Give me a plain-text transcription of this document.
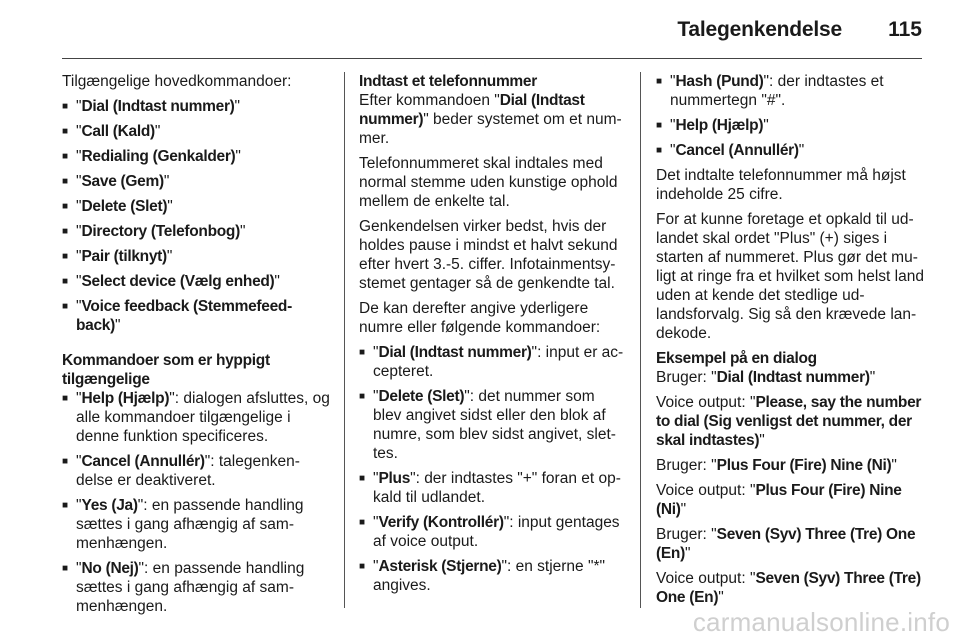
Talegenkendelse 115
Tilgængelige hovedkommandoer:
■ "Dial (Indtast nummer)"
■ "Call (Kald)"
■ "Redialing (Genkalder)"
■ "Save (Gem)"
■ "Delete (Slet)"
■ "Directory (Telefonbog)"
■ "Pair (tilknyt)"
■ "Select device (Vælg enhed)"
■ "Voice feedback (Stemmefeed-back)"
Kommandoer som er hyppigt tilgængelige
■ "Help (Hjælp)": dialogen afsluttes, og alle kommandoer tilgængelige i denne funktion specificeres.
■ "Cancel (Annullér)": talegenken-delse er deaktiveret.
■ "Yes (Ja)": en passende handling sættes i gang afhængig af sam-menhængen.
■ "No (Nej)": en passende handling sættes i gang afhængig af sam-menhængen.
Indtast et telefonnummer
Efter kommandoen "Dial (Indtast nummer)" beder systemet om et num-mer.
Telefonnummeret skal indtales med normal stemme uden kunstige ophold mellem de enkelte tal.
Genkendelsen virker bedst, hvis der holdes pause i mindst et halvt sekund efter hvert 3.-5. ciffer. Infotainmentsy-stemet gentager så de genkendte tal.
De kan derefter angive yderligere numre eller følgende kommandoer:
■ "Dial (Indtast nummer)": input er ac-cepteret.
■ "Delete (Slet)": det nummer som blev angivet sidst eller den blok af numre, som blev sidst angivet, slet-tes.
■ "Plus": der indtastes "+" foran et op-kald til udlandet.
■ "Verify (Kontrollér)": input gentages af voice output.
■ "Asterisk (Stjerne)": en stjerne "*" angives.
■ "Hash (Pund)": der indtastes et nummertegn "#".
■ "Help (Hjælp)"
■ "Cancel (Annullér)"
Det indtalte telefonnummer må højst indeholde 25 cifre.
For at kunne foretage et opkald til ud-landet skal ordet "Plus" (+) siges i starten af nummeret. Plus gør det mu-ligt at ringe fra et hvilket som helst land uden at kende det stedlige ud-landsforvalg. Sig så den krævede lan-dekode.
Eksempel på en dialog
Bruger: "Dial (Indtast nummer)"
Voice output: "Please, say the number to dial (Sig venligst det nummer, der skal indtastes)"
Bruger: "Plus Four (Fire) Nine (Ni)"
Voice output: "Plus Four (Fire) Nine (Ni)"
Bruger: "Seven (Syv) Three (Tre) One (En)"
Voice output: "Seven (Syv) Three (Tre) One (En)"
carmanualsonline.info
